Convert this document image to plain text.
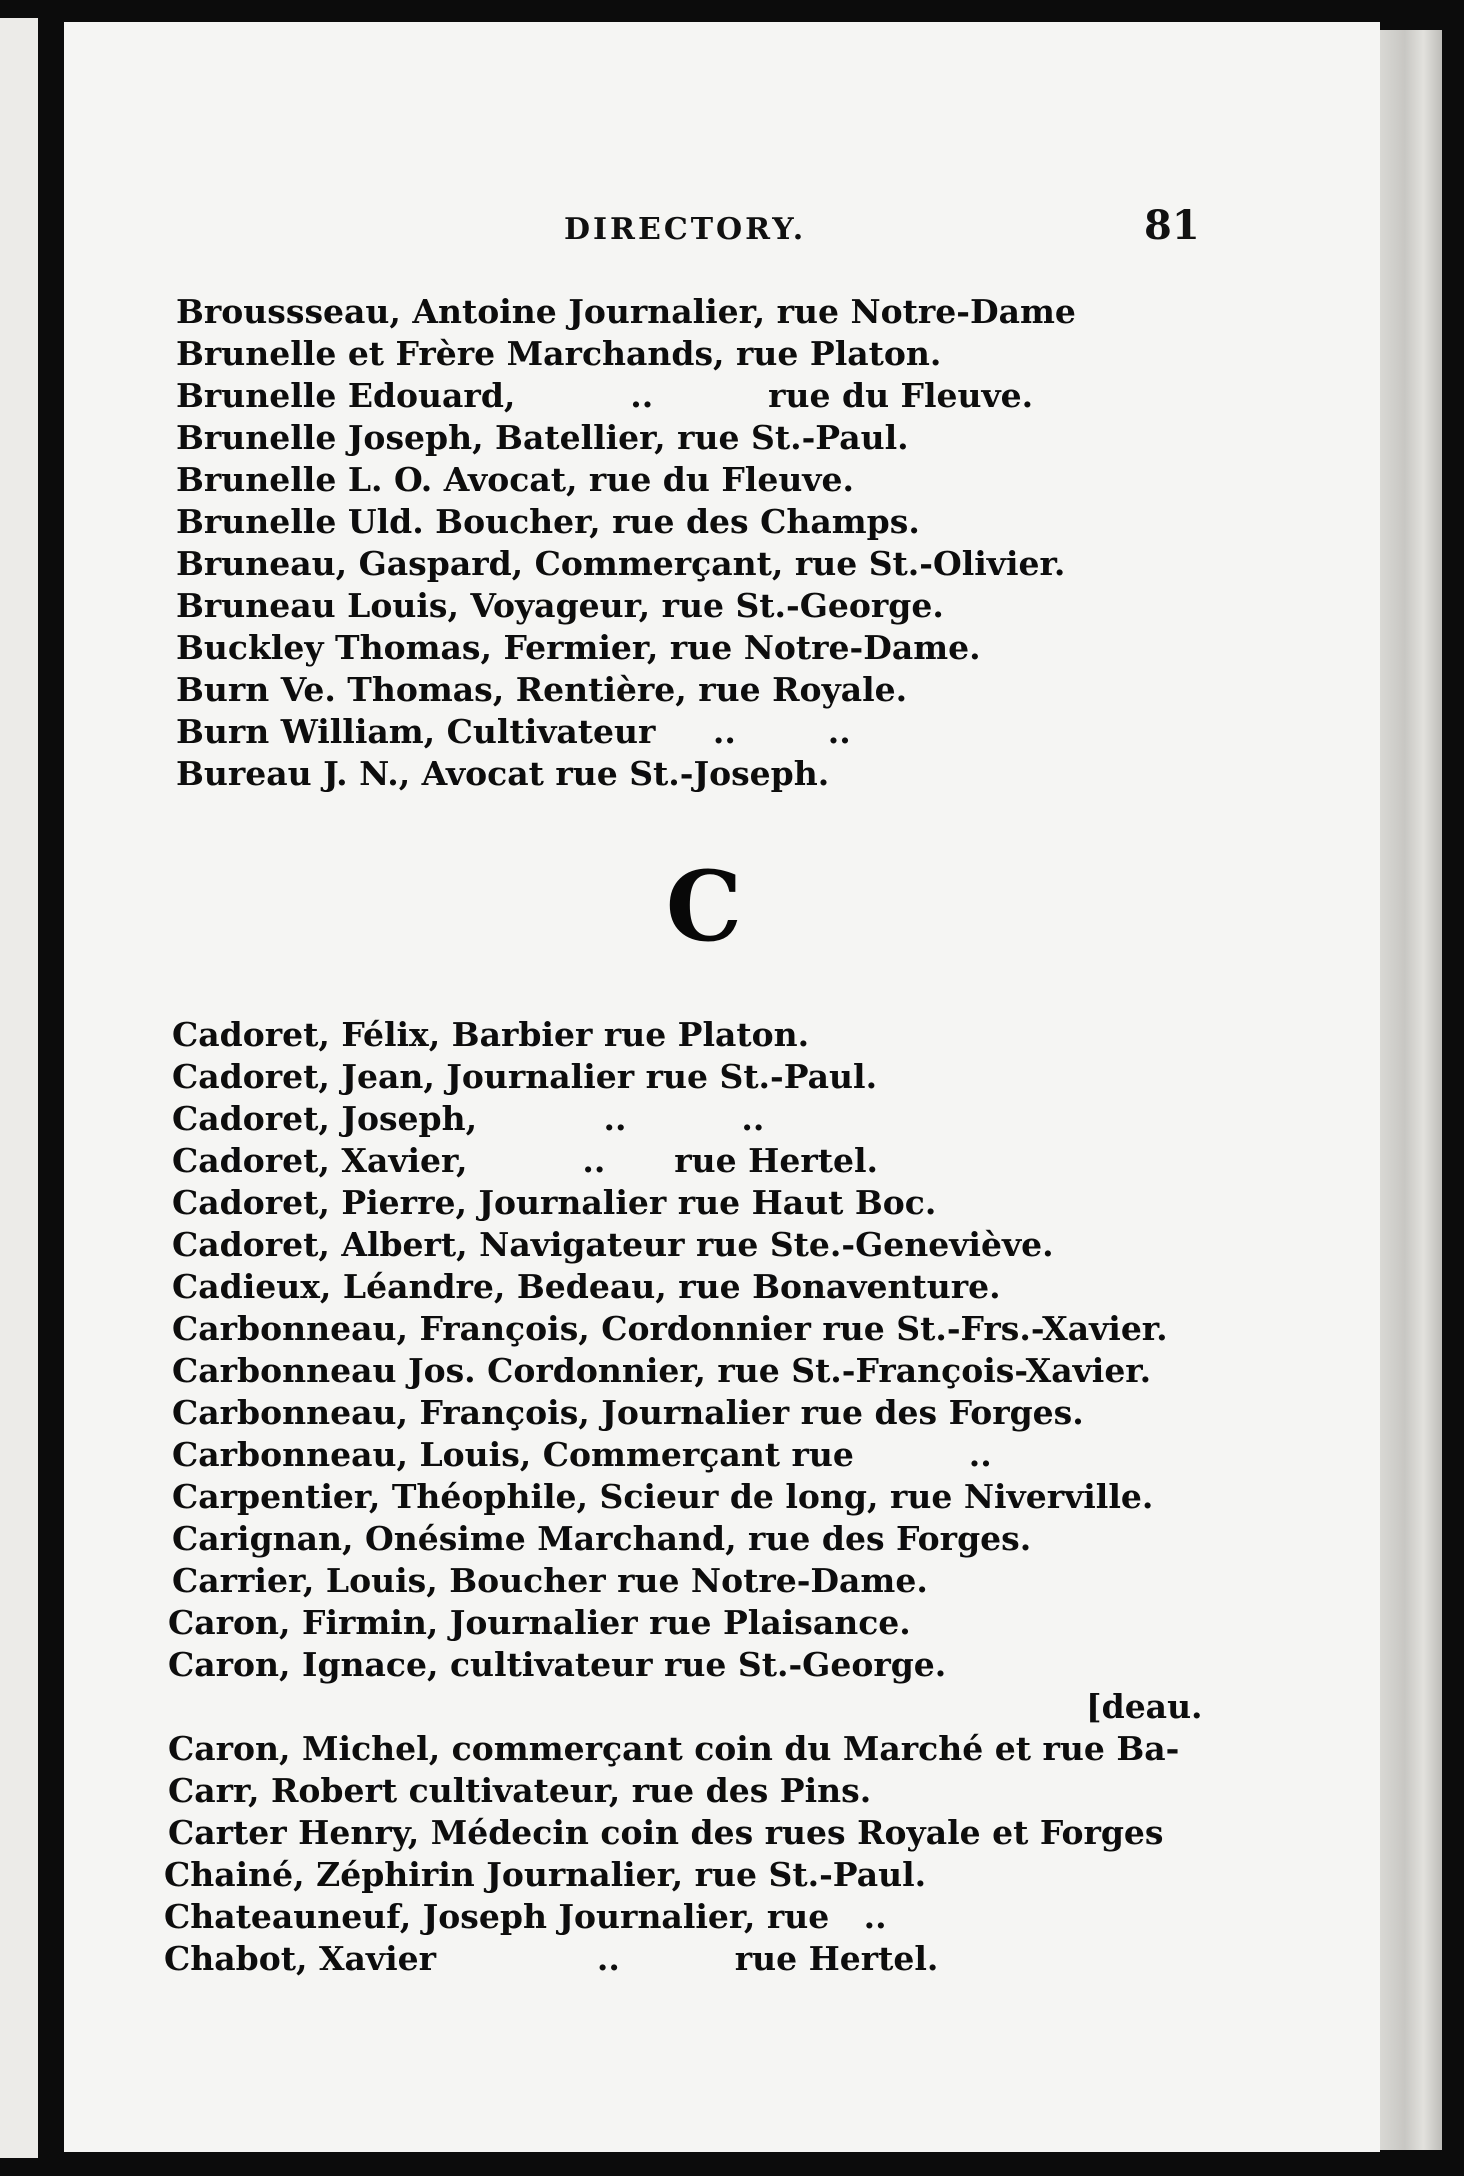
DIRECTORY.	81
Broussseau, Antoine Journalier, rue Notre-Dame
Brunelle et Frère Marchands, rue Platon.
Brunelle Edouard,          ..          rue du Fleuve.
Brunelle Joseph, Batellier, rue St.-Paul.
Brunelle L. O. Avocat, rue du Fleuve.
Brunelle Uld. Boucher, rue des Champs.
Bruneau, Gaspard, Commerçant, rue St.-Olivier.
Bruneau Louis, Voyageur, rue St.-George.
Buckley Thomas, Fermier, rue Notre-Dame.
Burn Ve. Thomas, Rentière, rue Royale.
Burn William, Cultivateur     ..        ..
Bureau J. N., Avocat rue St.-Joseph.
C
Cadoret, Félix, Barbier rue Platon.
Cadoret, Jean, Journalier rue St.-Paul.
Cadoret, Joseph,           ..          ..
Cadoret, Xavier,          ..      rue Hertel.
Cadoret, Pierre, Journalier rue Haut Boc.
Cadoret, Albert, Navigateur rue Ste.-Geneviève.
Cadieux, Léandre, Bedeau, rue Bonaventure.
Carbonneau, François, Cordonnier rue St.-Frs.-Xavier.
Carbonneau Jos. Cordonnier, rue St.-François-Xavier.
Carbonneau, François, Journalier rue des Forges.
Carbonneau, Louis, Commerçant rue          ..
Carpentier, Théophile, Scieur de long, rue Niverville.
Carignan, Onésime Marchand, rue des Forges.
Carrier, Louis, Boucher rue Notre-Dame.
Caron, Firmin, Journalier rue Plaisance.
Caron, Ignace, cultivateur rue St.-George.
[deau.
Caron, Michel, commerçant coin du Marché et rue Ba-
Carr, Robert cultivateur, rue des Pins.
Carter Henry, Médecin coin des rues Royale et Forges
Chainé, Zéphirin Journalier, rue St.-Paul.
Chateauneuf, Joseph Journalier, rue   ..
Chabot, Xavier              ..          rue Hertel.
